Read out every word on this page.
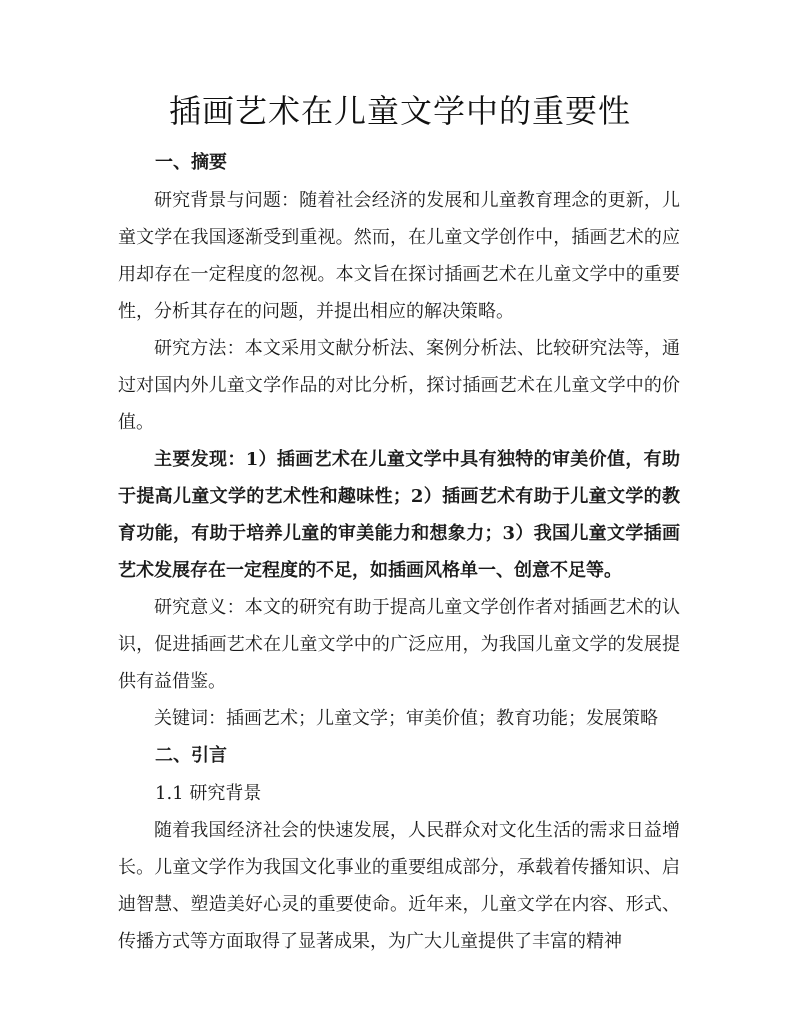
插画艺术在儿童文学中的重要性
一、摘要

研究背景与问题：随着社会经济的发展和儿童教育理念的更新，儿童文学在我国逐渐受到重视。然而，在儿童文学创作中，插画艺术的应用却存在一定程度的忽视。本文旨在探讨插画艺术在儿童文学中的重要性，分析其存在的问题，并提出相应的解决策略。

研究方法：本文采用文献分析法、案例分析法、比较研究法等，通过对国内外儿童文学作品的对比分析，探讨插画艺术在儿童文学中的价值。

主要发现：1）插画艺术在儿童文学中具有独特的审美价值，有助于提高儿童文学的艺术性和趣味性；2）插画艺术有助于儿童文学的教育功能，有助于培养儿童的审美能力和想象力；3）我国儿童文学插画艺术发展存在一定程度的不足，如插画风格单一、创意不足等。

研究意义：本文的研究有助于提高儿童文学创作者对插画艺术的认识，促进插画艺术在儿童文学中的广泛应用，为我国儿童文学的发展提供有益借鉴。

关键词：插画艺术；儿童文学；审美价值；教育功能；发展策略

二、引言
1.1 研究背景

随着我国经济社会的快速发展，人民群众对文化生活的需求日益增长。儿童文学作为我国文化事业的重要组成部分，承载着传播知识、启迪智慧、塑造美好心灵的重要使命。近年来，儿童文学在内容、形式、传播方式等方面取得了显著成果，为广大儿童提供了丰富的精神
